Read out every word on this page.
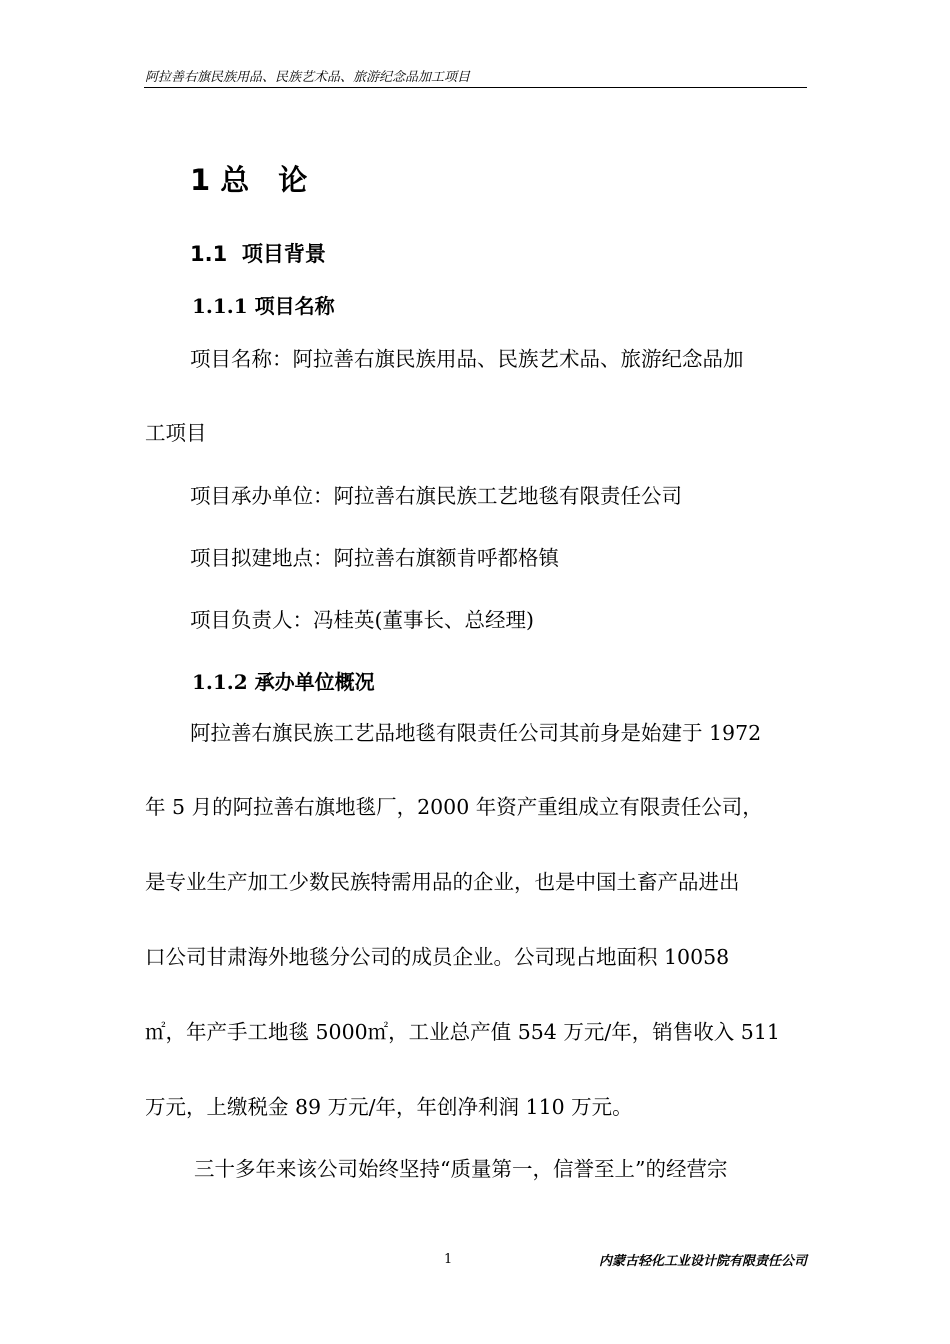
阿拉善右旗民族用品、民族艺术品、旅游纪念品加工项目
1 总　论
1.1  项目背景
1.1.1 项目名称
项目名称：阿拉善右旗民族用品、民族艺术品、旅游纪念品加
工项目
项目承办单位：阿拉善右旗民族工艺地毯有限责任公司
项目拟建地点：阿拉善右旗额肯呼都格镇
项目负责人：冯桂英(董事长、总经理)
1.1.2 承办单位概况
阿拉善右旗民族工艺品地毯有限责任公司其前身是始建于 1972
年 5 月的阿拉善右旗地毯厂，2000 年资产重组成立有限责任公司，
是专业生产加工少数民族特需用品的企业，也是中国土畜产品进出
口公司甘肃海外地毯分公司的成员企业。公司现占地面积 10058
㎡，年产手工地毯 5000㎡，工业总产值 554 万元/年，销售收入 511
万元，上缴税金 89 万元/年，年创净利润 110 万元。
三十多年来该公司始终坚持“质量第一，信誉至上”的经营宗
1	内蒙古轻化工业设计院有限责任公司
